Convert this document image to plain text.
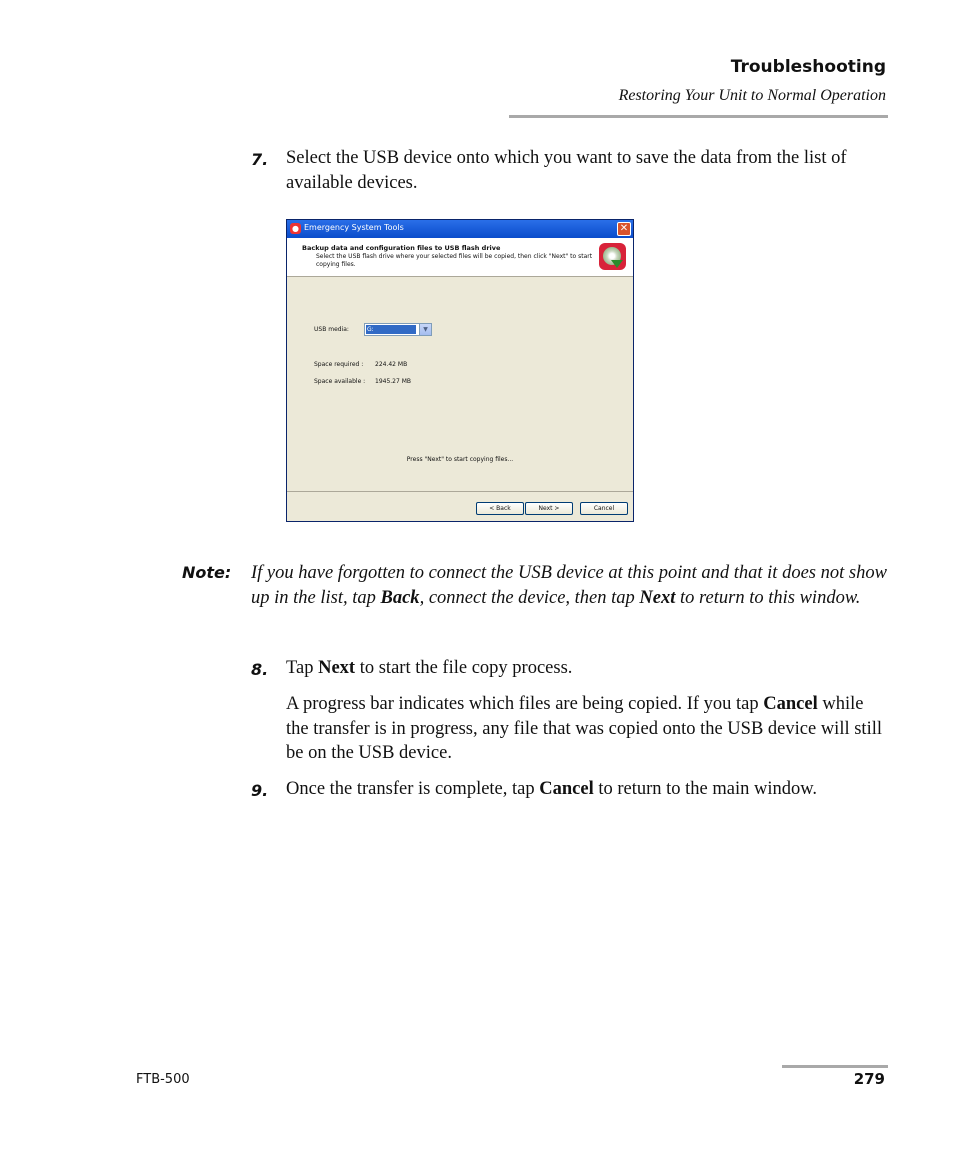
Troubleshooting
Restoring Your Unit to Normal Operation
7. Select the USB device onto which you want to save the data from the list of available devices.

● Emergency System Tools	✕
Backup data and configuration files to USB flash drive
Select the USB flash drive where your selected files will be copied, then click "Next" to start copying files.
USB media:	G:	▼
Space required : 224.42 MB
Space available : 1945.27 MB
Press "Next" to start copying files...
< Back	Next >	Cancel
Note: If you have forgotten to connect the USB device at this point and that it does not show up in the list, tap Back, connect the device, then tap Next to return to this window.

8. Tap Next to start the file copy process.

A progress bar indicates which files are being copied. If you tap Cancel while the transfer is in progress, any file that was copied onto the USB device will still be on the USB device.

9. Once the transfer is complete, tap Cancel to return to the main window.

FTB-500	279
